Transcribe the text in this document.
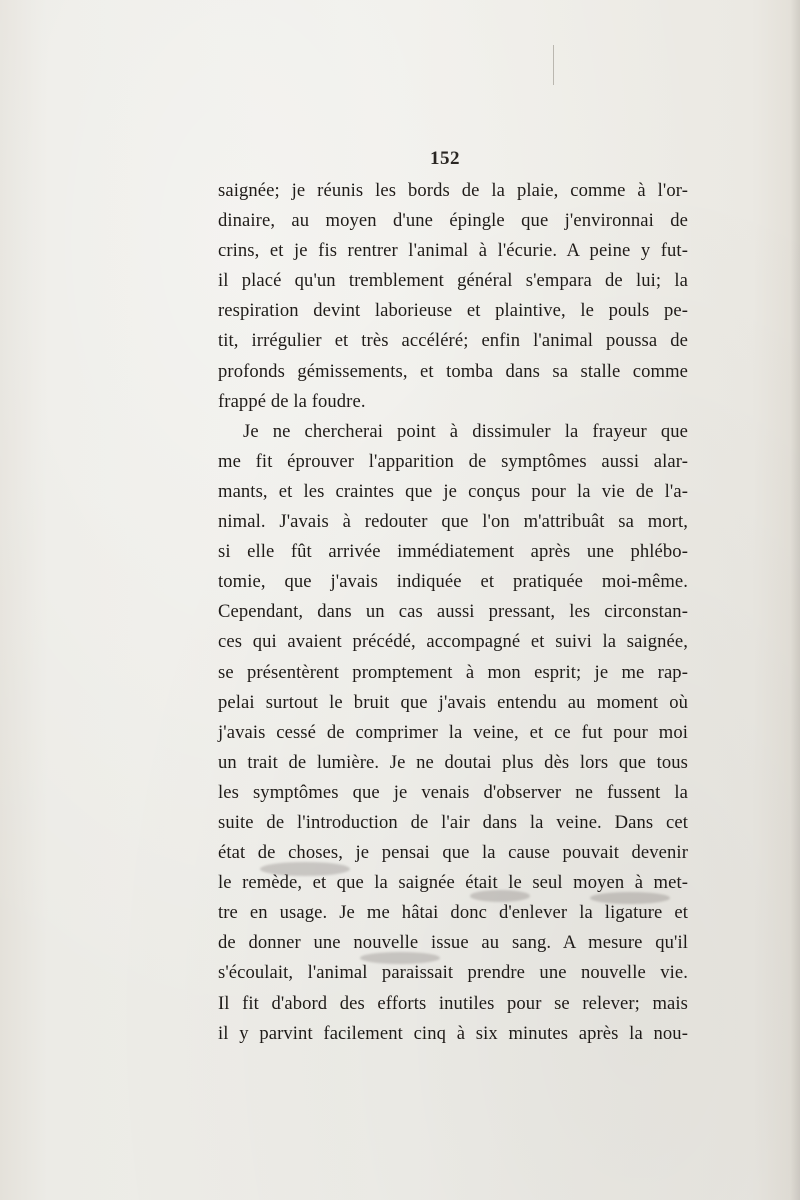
152
saignée; je réunis les bords de la plaie, comme à l'or-
dinaire, au moyen d'une épingle que j'environnai de
crins, et je fis rentrer l'animal à l'écurie. A peine y fut-
il placé qu'un tremblement général s'empara de lui; la
respiration devint laborieuse et plaintive, le pouls pe-
tit, irrégulier et très accéléré; enfin l'animal poussa de
profonds gémissements, et tomba dans sa stalle comme
frappé de la foudre.
Je ne chercherai point à dissimuler la frayeur que
me fit éprouver l'apparition de symptômes aussi alar-
mants, et les craintes que je conçus pour la vie de l'a-
nimal. J'avais à redouter que l'on m'attribuât sa mort,
si elle fût arrivée immédiatement après une phlébo-
tomie, que j'avais indiquée et pratiquée moi-même.
Cependant, dans un cas aussi pressant, les circonstan-
ces qui avaient précédé, accompagné et suivi la saignée,
se présentèrent promptement à mon esprit; je me rap-
pelai surtout le bruit que j'avais entendu au moment où
j'avais cessé de comprimer la veine, et ce fut pour moi
un trait de lumière. Je ne doutai plus dès lors que tous
les symptômes que je venais d'observer ne fussent la
suite de l'introduction de l'air dans la veine. Dans cet
état de choses, je pensai que la cause pouvait devenir
le remède, et que la saignée était le seul moyen à met-
tre en usage. Je me hâtai donc d'enlever la ligature et
de donner une nouvelle issue au sang. A mesure qu'il
s'écoulait, l'animal paraissait prendre une nouvelle vie.
Il fit d'abord des efforts inutiles pour se relever; mais
il y parvint facilement cinq à six minutes après la nou-
